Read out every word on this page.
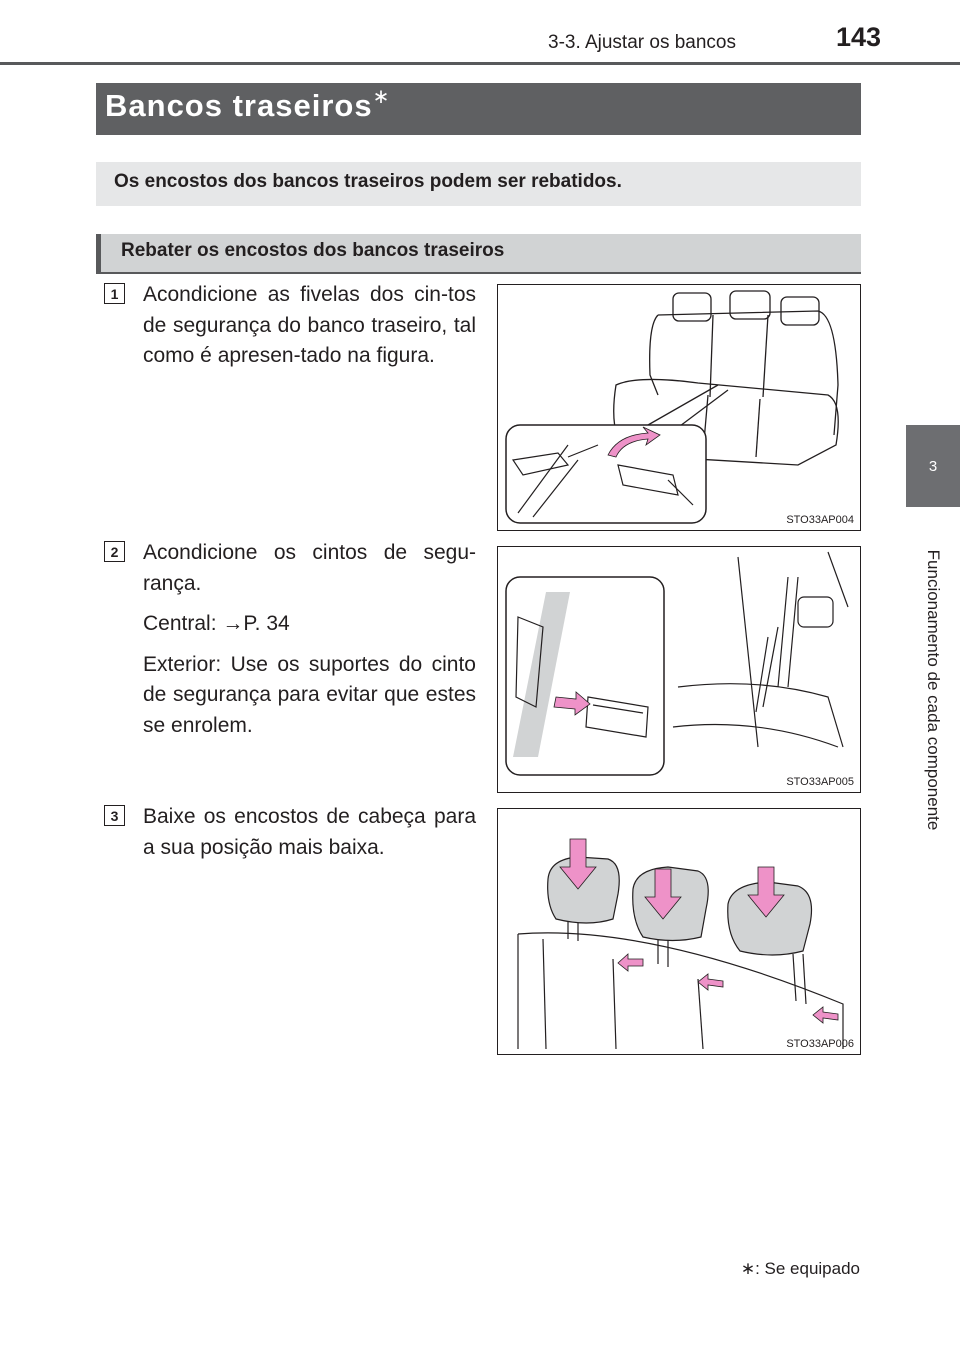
143
3-3. Ajustar os bancos
3
Funcionamento de cada componente
Bancos traseiros∗
Os encostos dos bancos traseiros podem ser rebatidos.
Rebater os encostos dos bancos traseiros
1	Acondicione as fivelas dos cin-tos de segurança do banco traseiro, tal como é apresen-tado na figura.

STO33AP004
2	Acondicione os cintos de segu-rança.

Central: →P. 34

Exterior: Use os suportes do cinto de segurança para evitar que estes se enrolem.

STO33AP005
3	Baixe os encostos de cabeça para a sua posição mais baixa.

STO33AP006
∗: Se equipado
